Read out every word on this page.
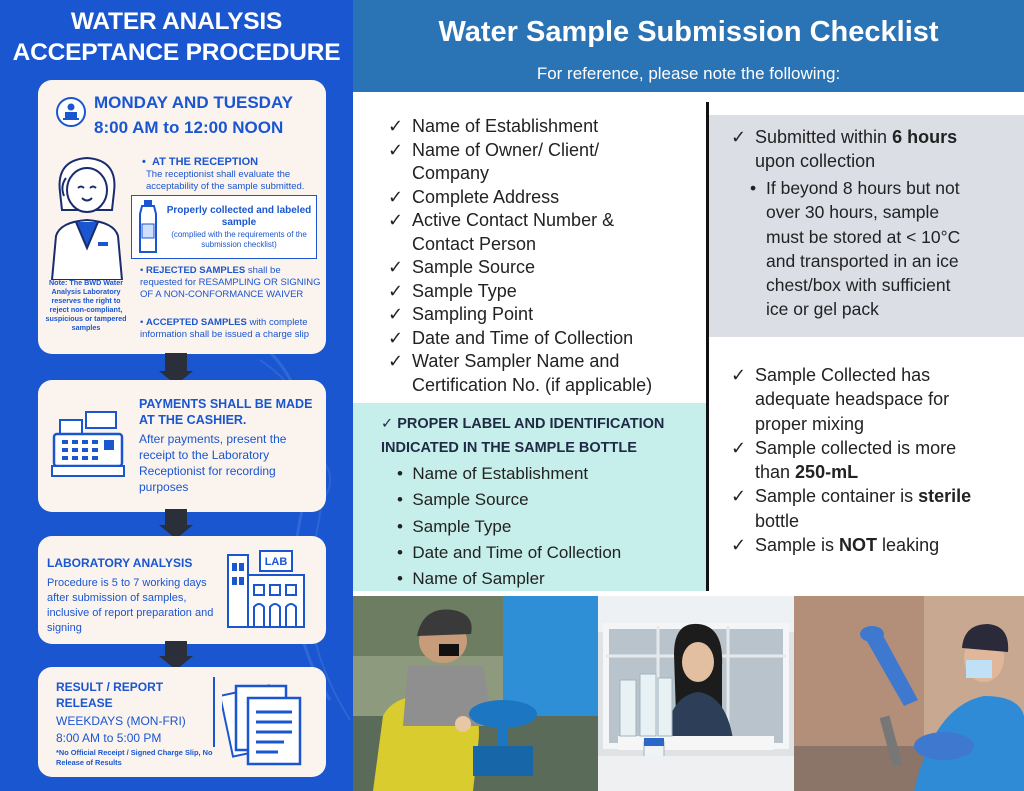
WATER ANALYSIS
ACCEPTANCE PROCEDURE
MONDAY AND TUESDAY
8:00 AM to 12:00 NOON
Note: The BWD Water Analysis Laboratory reserves the right to reject non-compliant, suspicious or tampered samples
•  AT THE RECEPTION
The receptionist shall evaluate the acceptability of the sample submitted.
Properly collected and labeled sample
(complied with the requirements of the submission checklist)
• REJECTED SAMPLES shall be requested for RESAMPLING OR SIGNING OF A NON-CONFORMANCE WAIVER
• ACCEPTED SAMPLES with complete information shall be issued a charge slip
PAYMENTS SHALL BE MADE AT THE CASHIER.
After payments, present the receipt to the Laboratory Receptionist for recording purposes
LABORATORY ANALYSIS
Procedure is 5 to 7 working days after submission of samples, inclusive of report preparation and signing
LAB
RESULT / REPORT RELEASE
WEEKDAYS (MON-FRI)
8:00 AM to 5:00 PM
*No Official Receipt / Signed Charge Slip, No Release of Results
Water Sample Submission Checklist
For reference, please note the following:
✓ Name of Establishment
✓ Name of Owner/ Client/
Company
✓ Complete Address
✓ Active Contact Number &
Contact Person
✓ Sample Source
✓ Sample Type
✓ Sampling Point
✓ Date and Time of Collection
✓ Water Sampler Name and
Certification No. (if applicable)
✓ PROPER LABEL AND IDENTIFICATION
INDICATED IN THE SAMPLE BOTTLE
•  Name of Establishment
•  Sample Source
•  Sample Type
•  Date and Time of Collection
•  Name of Sampler
✓ Submitted within 6 hours
upon collection
• If beyond 8 hours but not
over 30 hours, sample
must be stored at < 10°C
and transported in an ice
chest/box with sufficient
ice or gel pack
✓ Sample Collected has
adequate headspace for
proper mixing
✓ Sample collected is more
than 250-mL
✓ Sample container is sterile
bottle
✓ Sample is NOT leaking
